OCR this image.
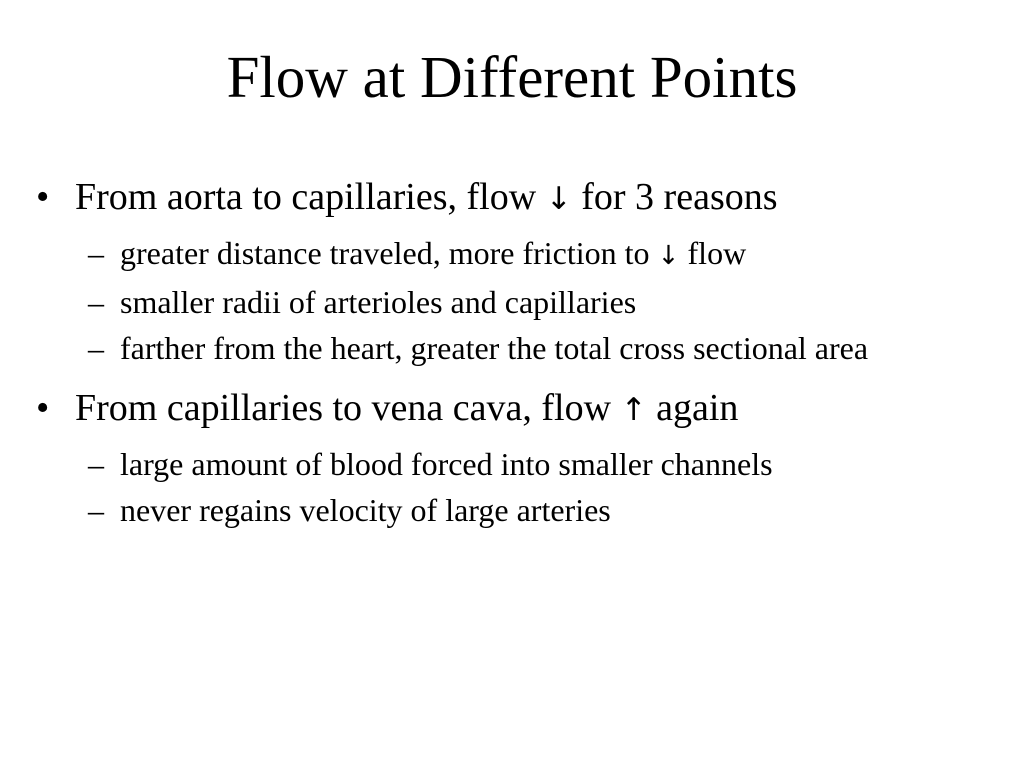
Flow at Different Points
• From aorta to capillaries, flow ↓ for 3 reasons
– greater distance traveled, more friction to ↓ flow
– smaller radii of arterioles and capillaries
– farther from the heart, greater the total cross sectional area
• From capillaries to vena cava, flow ↑ again
– large amount of blood forced into smaller channels
– never regains velocity of large arteries
